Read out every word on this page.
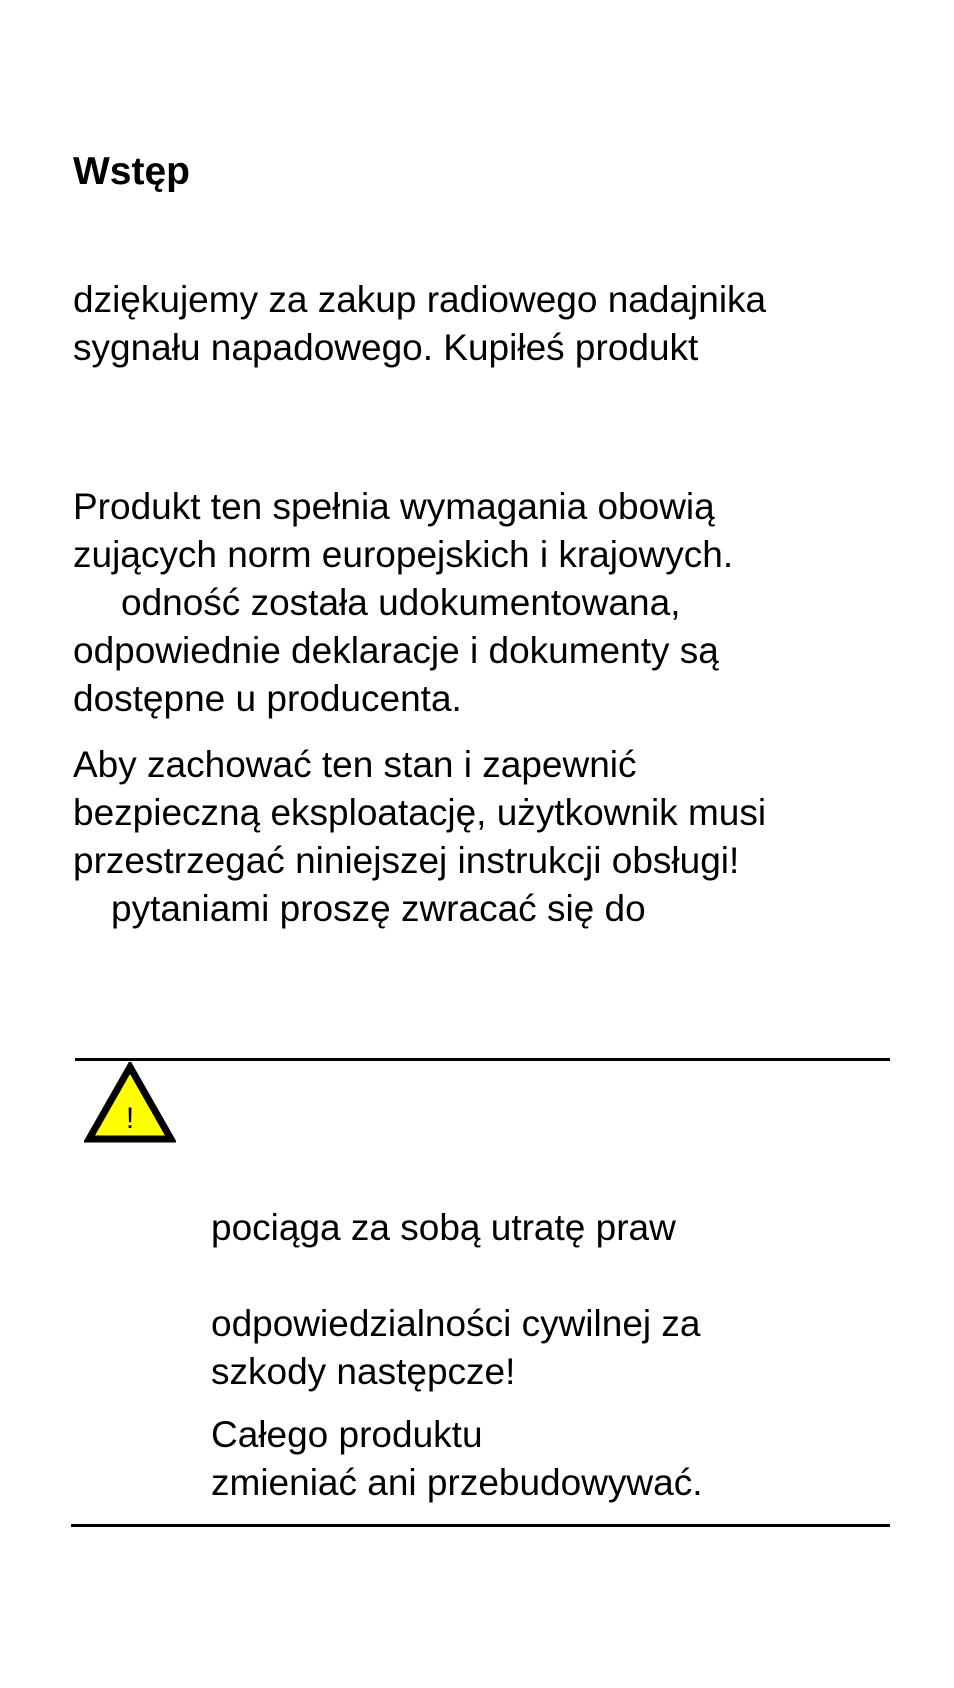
Wstęp

dziękujemy za zakup radiowego nadajnika
sygnału napadowego. Kupiłeś produkt

Produkt ten spełnia wymagania obowią
zujących norm europejskich i krajowych.
odność została udokumentowana,
odpowiednie deklaracje i dokumenty są
dostępne u producenta.

Aby zachować ten stan i zapewnić
bezpieczną eksploatację, użytkownik musi
przestrzegać niniejszej instrukcji obsługi!
pytaniami proszę zwracać się do

!

pociąga za sobą utratę praw

odpowiedzialności cywilnej za
szkody następcze!

Całego produktu
zmieniać ani przebudowywać.
